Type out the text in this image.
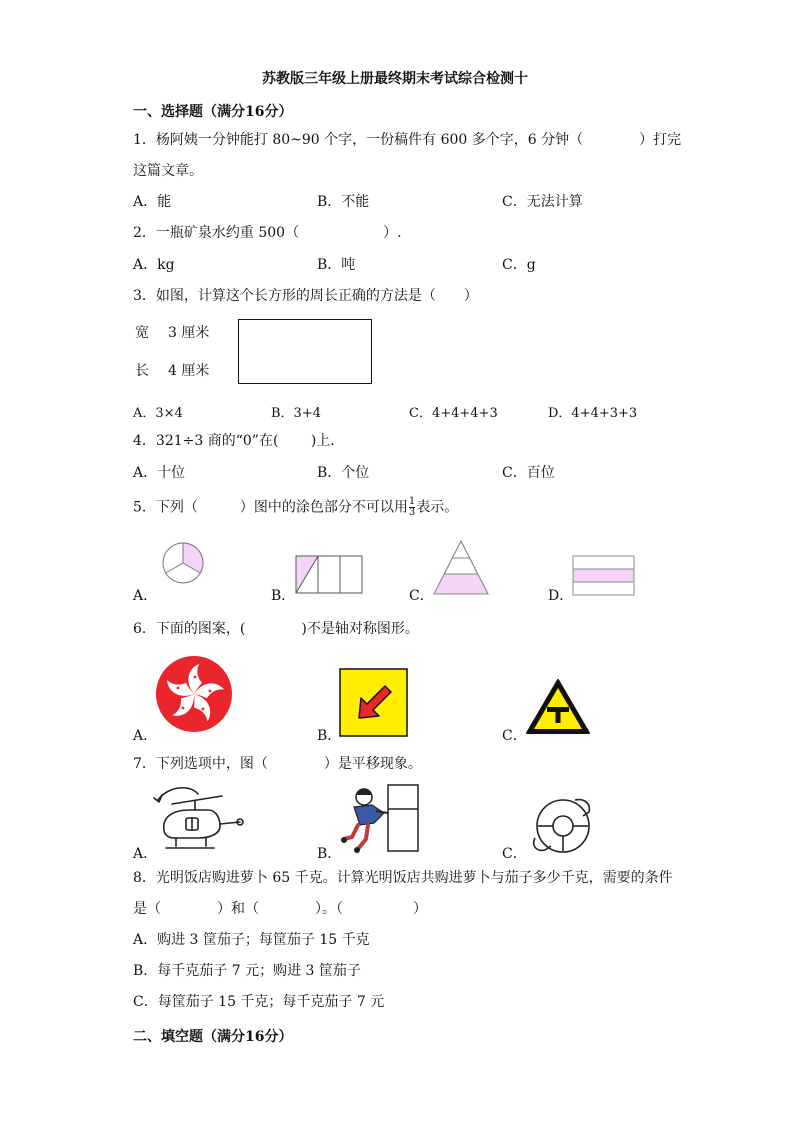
苏教版三年级上册最终期末考试综合检测十
一、选择题（满分16分）
1．杨阿姨一分钟能打 80~90 个字，一份稿件有 600 多个字，6 分钟（　　　　）打完
这篇文章。
A．能	B．不能	C．无法计算
2．一瓶矿泉水约重 500（　　　　　　）.
A．kg	B．吨	C．g
3．如图，计算这个长方形的周长正确的方法是（　　）
宽 3 厘米
长 4 厘米
A．3×4	B．3+4	C．4+4+4+3	D．4+4+3+3
4．321÷3 商的“0”在(　　 )上.
A．十位	B．个位	C．百位
5．下列（　　　）图中的涂色部分不可以用 $\frac{1}{3}$ 表示。
A．	B．	C．	D．
6．下面的图案，(　　　　)不是轴对称图形。
A．	B．	C．
7．下列选项中，图（　　　　）是平移现象。
A．	B．	C．
8．光明饭店购进萝卜 65 千克。计算光明饭店共购进萝卜与茄子多少千克，需要的条件
是（　　　　）和（　　　　）。（　　　　　）
A．购进 3 筐茄子；每筐茄子 15 千克
B．每千克茄子 7 元；购进 3 筐茄子
C．每筐茄子 15 千克；每千克茄子 7 元
二、填空题（满分16分）
